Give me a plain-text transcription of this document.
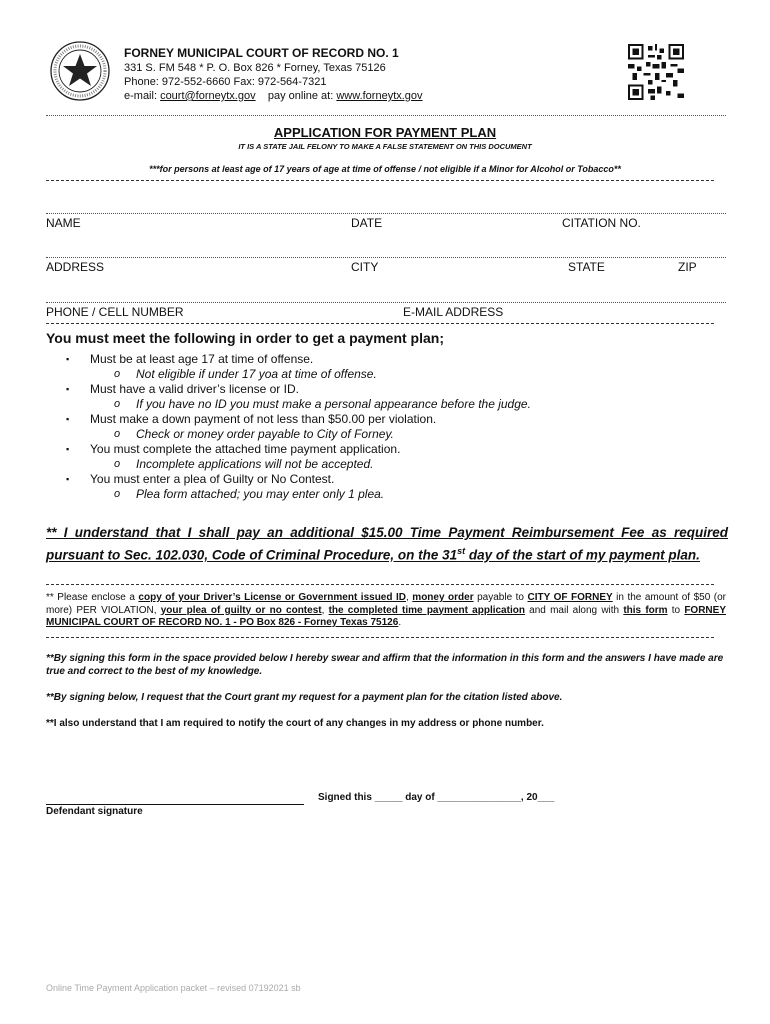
FORNEY MUNICIPAL COURT OF RECORD NO. 1
331 S. FM 548 * P. O. Box 826 * Forney, Texas 75126
Phone: 972-552-6660 Fax: 972-564-7321
e-mail: court@forneytx.gov pay online at: www.forneytx.gov
APPLICATION FOR PAYMENT PLAN
IT IS A STATE JAIL FELONY TO MAKE A FALSE STATEMENT ON THIS DOCUMENT
***for persons at least age of 17 years of age at time of offense / not eligible if a Minor for Alcohol or Tobacco**
NAME	DATE	CITATION NO.
ADDRESS	CITY	STATE	ZIP
PHONE / CELL NUMBER	E-MAIL ADDRESS
You must meet the following in order to get a payment plan;
▪ Must be at least age 17 at time of offense.
o Not eligible if under 17 yoa at time of offense.
▪ Must have a valid driver’s license or ID.
o If you have no ID you must make a personal appearance before the judge.
▪ Must make a down payment of not less than $50.00 per violation.
o Check or money order payable to City of Forney.
▪ You must complete the attached time payment application.
o Incomplete applications will not be accepted.
▪ You must enter a plea of Guilty or No Contest.
o Plea form attached; you may enter only 1 plea.
** I understand that I shall pay an additional $15.00 Time Payment Reimbursement Fee as required pursuant to Sec. 102.030, Code of Criminal Procedure, on the 31st day of the start of my payment plan.
** Please enclose a copy of your Driver’s License or Government issued ID, money order payable to CITY OF FORNEY in the amount of $50 (or more) PER VIOLATION, your plea of guilty or no contest, the completed time payment application and mail along with this form to FORNEY MUNICIPAL COURT OF RECORD NO. 1 - PO Box 826 - Forney Texas 75126.
**By signing this form in the space provided below I hereby swear and affirm that the information in this form and the answers I have made are true and correct to the best of my knowledge.
**By signing below, I request that the Court grant my request for a payment plan for the citation listed above.
**I also understand that I am required to notify the court of any changes in my address or phone number.
Defendant signature
Signed this _____ day of _______________, 20___
Online Time Payment Application packet – revised 07192021 sb
